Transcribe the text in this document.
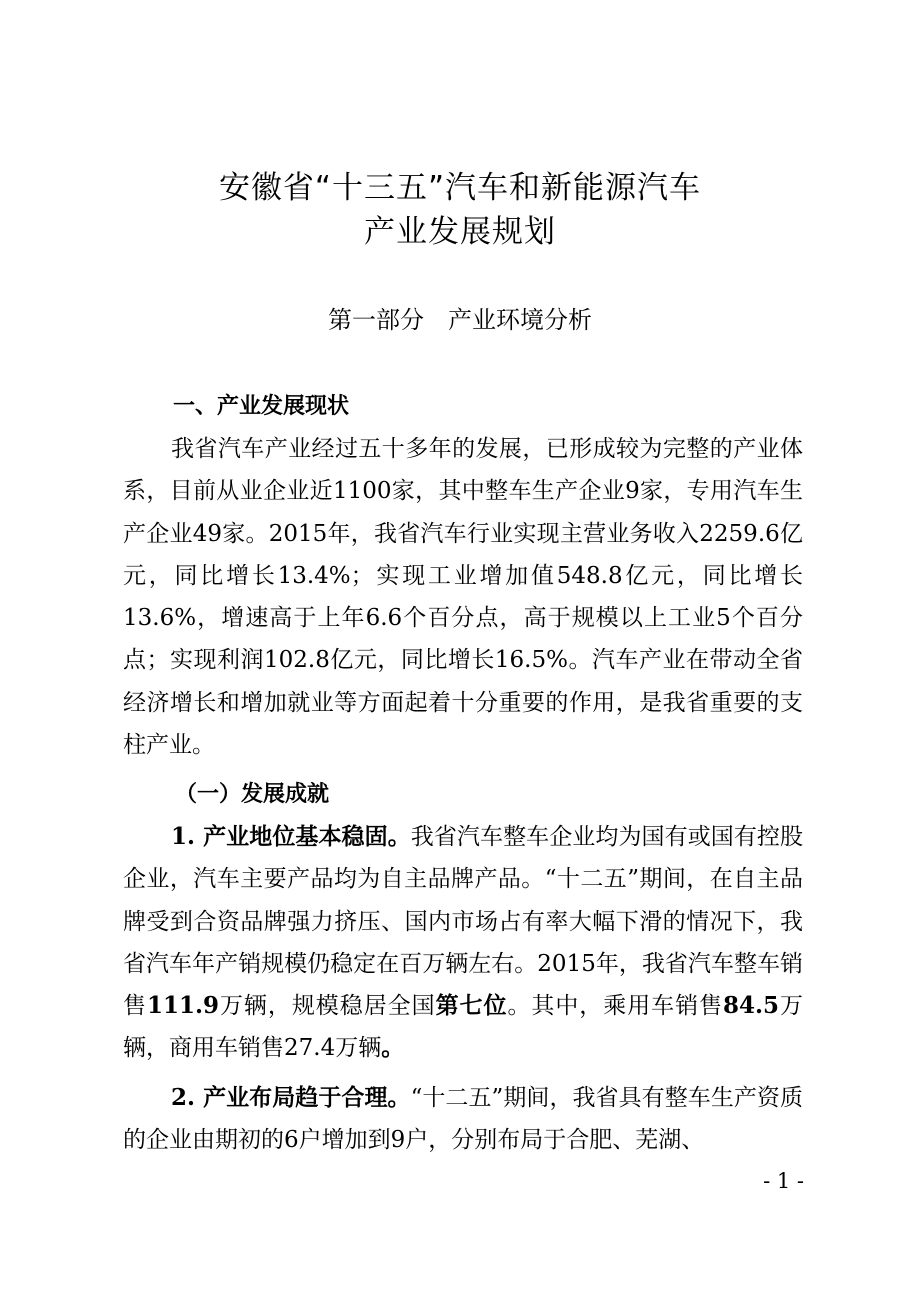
安徽省“十三五”汽车和新能源汽车
产业发展规划
第一部分　产业环境分析
一、产业发展现状

我省汽车产业经过五十多年的发展，已形成较为完整的产业体系，目前从业企业近1100家，其中整车生产企业9家，专用汽车生产企业49家。2015年，我省汽车行业实现主营业务收入2259.6亿元，同比增长13.4%；实现工业增加值548.8亿元，同比增长13.6%，增速高于上年6.6个百分点，高于规模以上工业5个百分点；实现利润102.8亿元，同比增长16.5%。汽车产业在带动全省经济增长和增加就业等方面起着十分重要的作用，是我省重要的支柱产业。

（一）发展成就

1. 产业地位基本稳固。我省汽车整车企业均为国有或国有控股企业，汽车主要产品均为自主品牌产品。“十二五”期间，在自主品牌受到合资品牌强力挤压、国内市场占有率大幅下滑的情况下，我省汽车年产销规模仍稳定在百万辆左右。2015年，我省汽车整车销售111.9万辆，规模稳居全国第七位。其中，乘用车销售84.5万辆，商用车销售27.4万辆。

2. 产业布局趋于合理。“十二五”期间，我省具有整车生产资质的企业由期初的6户增加到9户，分别布局于合肥、芜湖、

- 1 -
